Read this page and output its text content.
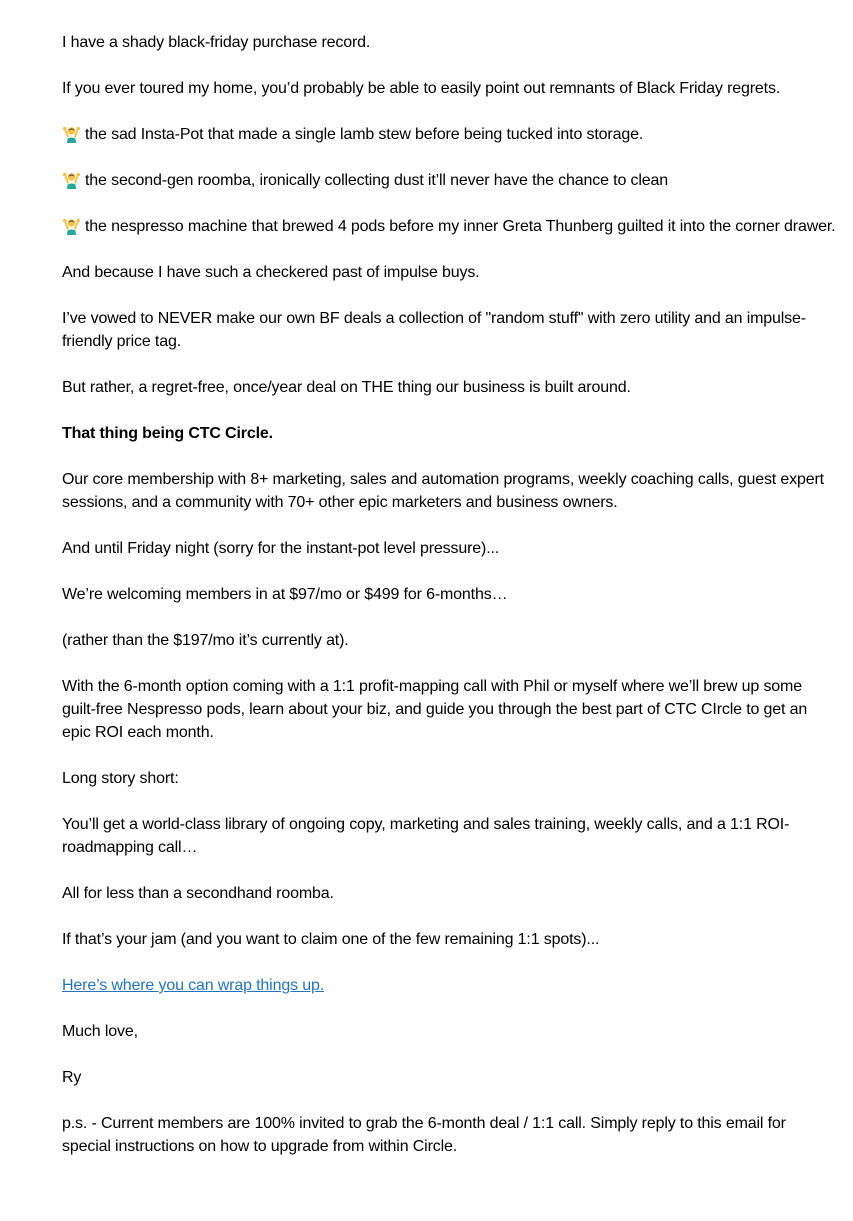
I have a shady black-friday purchase record.

If you ever toured my home, you’d probably be able to easily point out remnants of Black Friday regrets.

the sad Insta-Pot that made a single lamb stew before being tucked into storage.

the second-gen roomba, ironically collecting dust it’ll never have the chance to clean

the nespresso machine that brewed 4 pods before my inner Greta Thunberg guilted it into the corner drawer.

And because I have such a checkered past of impulse buys.

I’ve vowed to NEVER make our own BF deals a collection of "random stuff" with zero utility and an impulse-friendly price tag.

But rather, a regret-free, once/year deal on THE thing our business is built around.

That thing being CTC Circle.

Our core membership with 8+ marketing, sales and automation programs, weekly coaching calls, guest expert sessions, and a community with 70+ other epic marketers and business owners.

And until Friday night (sorry for the instant-pot level pressure)...

We’re welcoming members in at $97/mo or $499 for 6-months…

(rather than the $197/mo it’s currently at).

With the 6-month option coming with a 1:1 profit-mapping call with Phil or myself where we’ll brew up some guilt-free Nespresso pods, learn about your biz, and guide you through the best part of CTC CIrcle to get an epic ROI each month.

Long story short:

You’ll get a world-class library of ongoing copy, marketing and sales training, weekly calls, and a 1:1 ROI-roadmapping call…

All for less than a secondhand roomba.

If that’s your jam (and you want to claim one of the few remaining 1:1 spots)...

Here’s where you can wrap things up.

Much love,

Ry

p.s. - Current members are 100% invited to grab the 6-month deal / 1:1 call. Simply reply to this email for special instructions on how to upgrade from within Circle.
